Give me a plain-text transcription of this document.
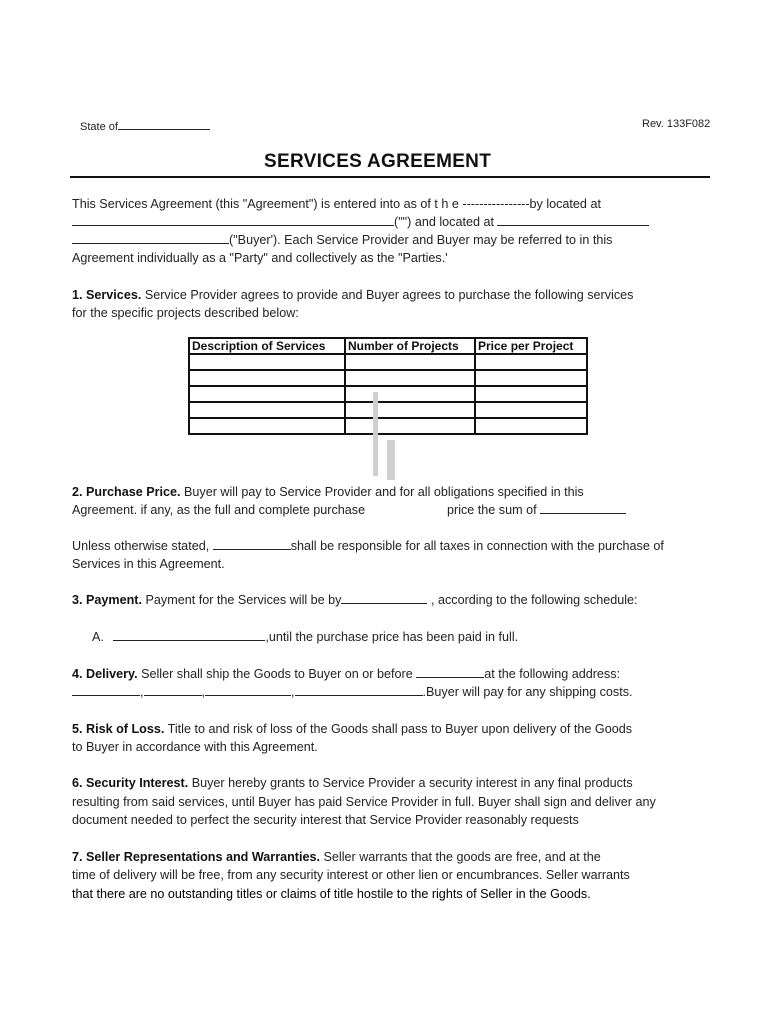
State of	Rev. 133F082
SERVICES AGREEMENT
This Services Agreement (this "Agreement") is entered into as of t h e ----------------by located at
("") and located at
("Buyer'). Each Service Provider and Buyer may be referred to in this
Agreement individually as a "Party" and collectively as the "Parties.'
1. Services. Service Provider agrees to provide and Buyer agrees to purchase the following services
for the specific projects described below:
Description of Services	Number of Projects	Price per Project

2. Purchase Price. Buyer will pay to Service Provider and for all obligations specified in this
Agreement. if any, as the full and complete purchase	price the sum of
Unless otherwise stated,	shall be responsible for all taxes in connection with the purchase of
Services in this Agreement.
3. Payment. Payment for the Services will be by	, according to the following schedule:
A.	,until the purchase price has been paid in full.
4. Delivery. Seller shall ship the Goods to Buyer on or before	at the following address:
,	,	,	.Buyer will pay for any shipping costs.
5. Risk of Loss. Title to and risk of loss of the Goods shall pass to Buyer upon delivery of the Goods
to Buyer in accordance with this Agreement.
6. Security Interest. Buyer hereby grants to Service Provider a security interest in any final products
resulting from said services, until Buyer has paid Service Provider in full. Buyer shall sign and deliver any
document needed to perfect the security interest that Service Provider reasonably requests
7. Seller Representations and Warranties. Seller warrants that the goods are free, and at the
time of delivery will be free, from any security interest or other lien or encumbrances. Seller warrants
that there are no outstanding titles or claims of title hostile to the rights of Seller in the Goods.
